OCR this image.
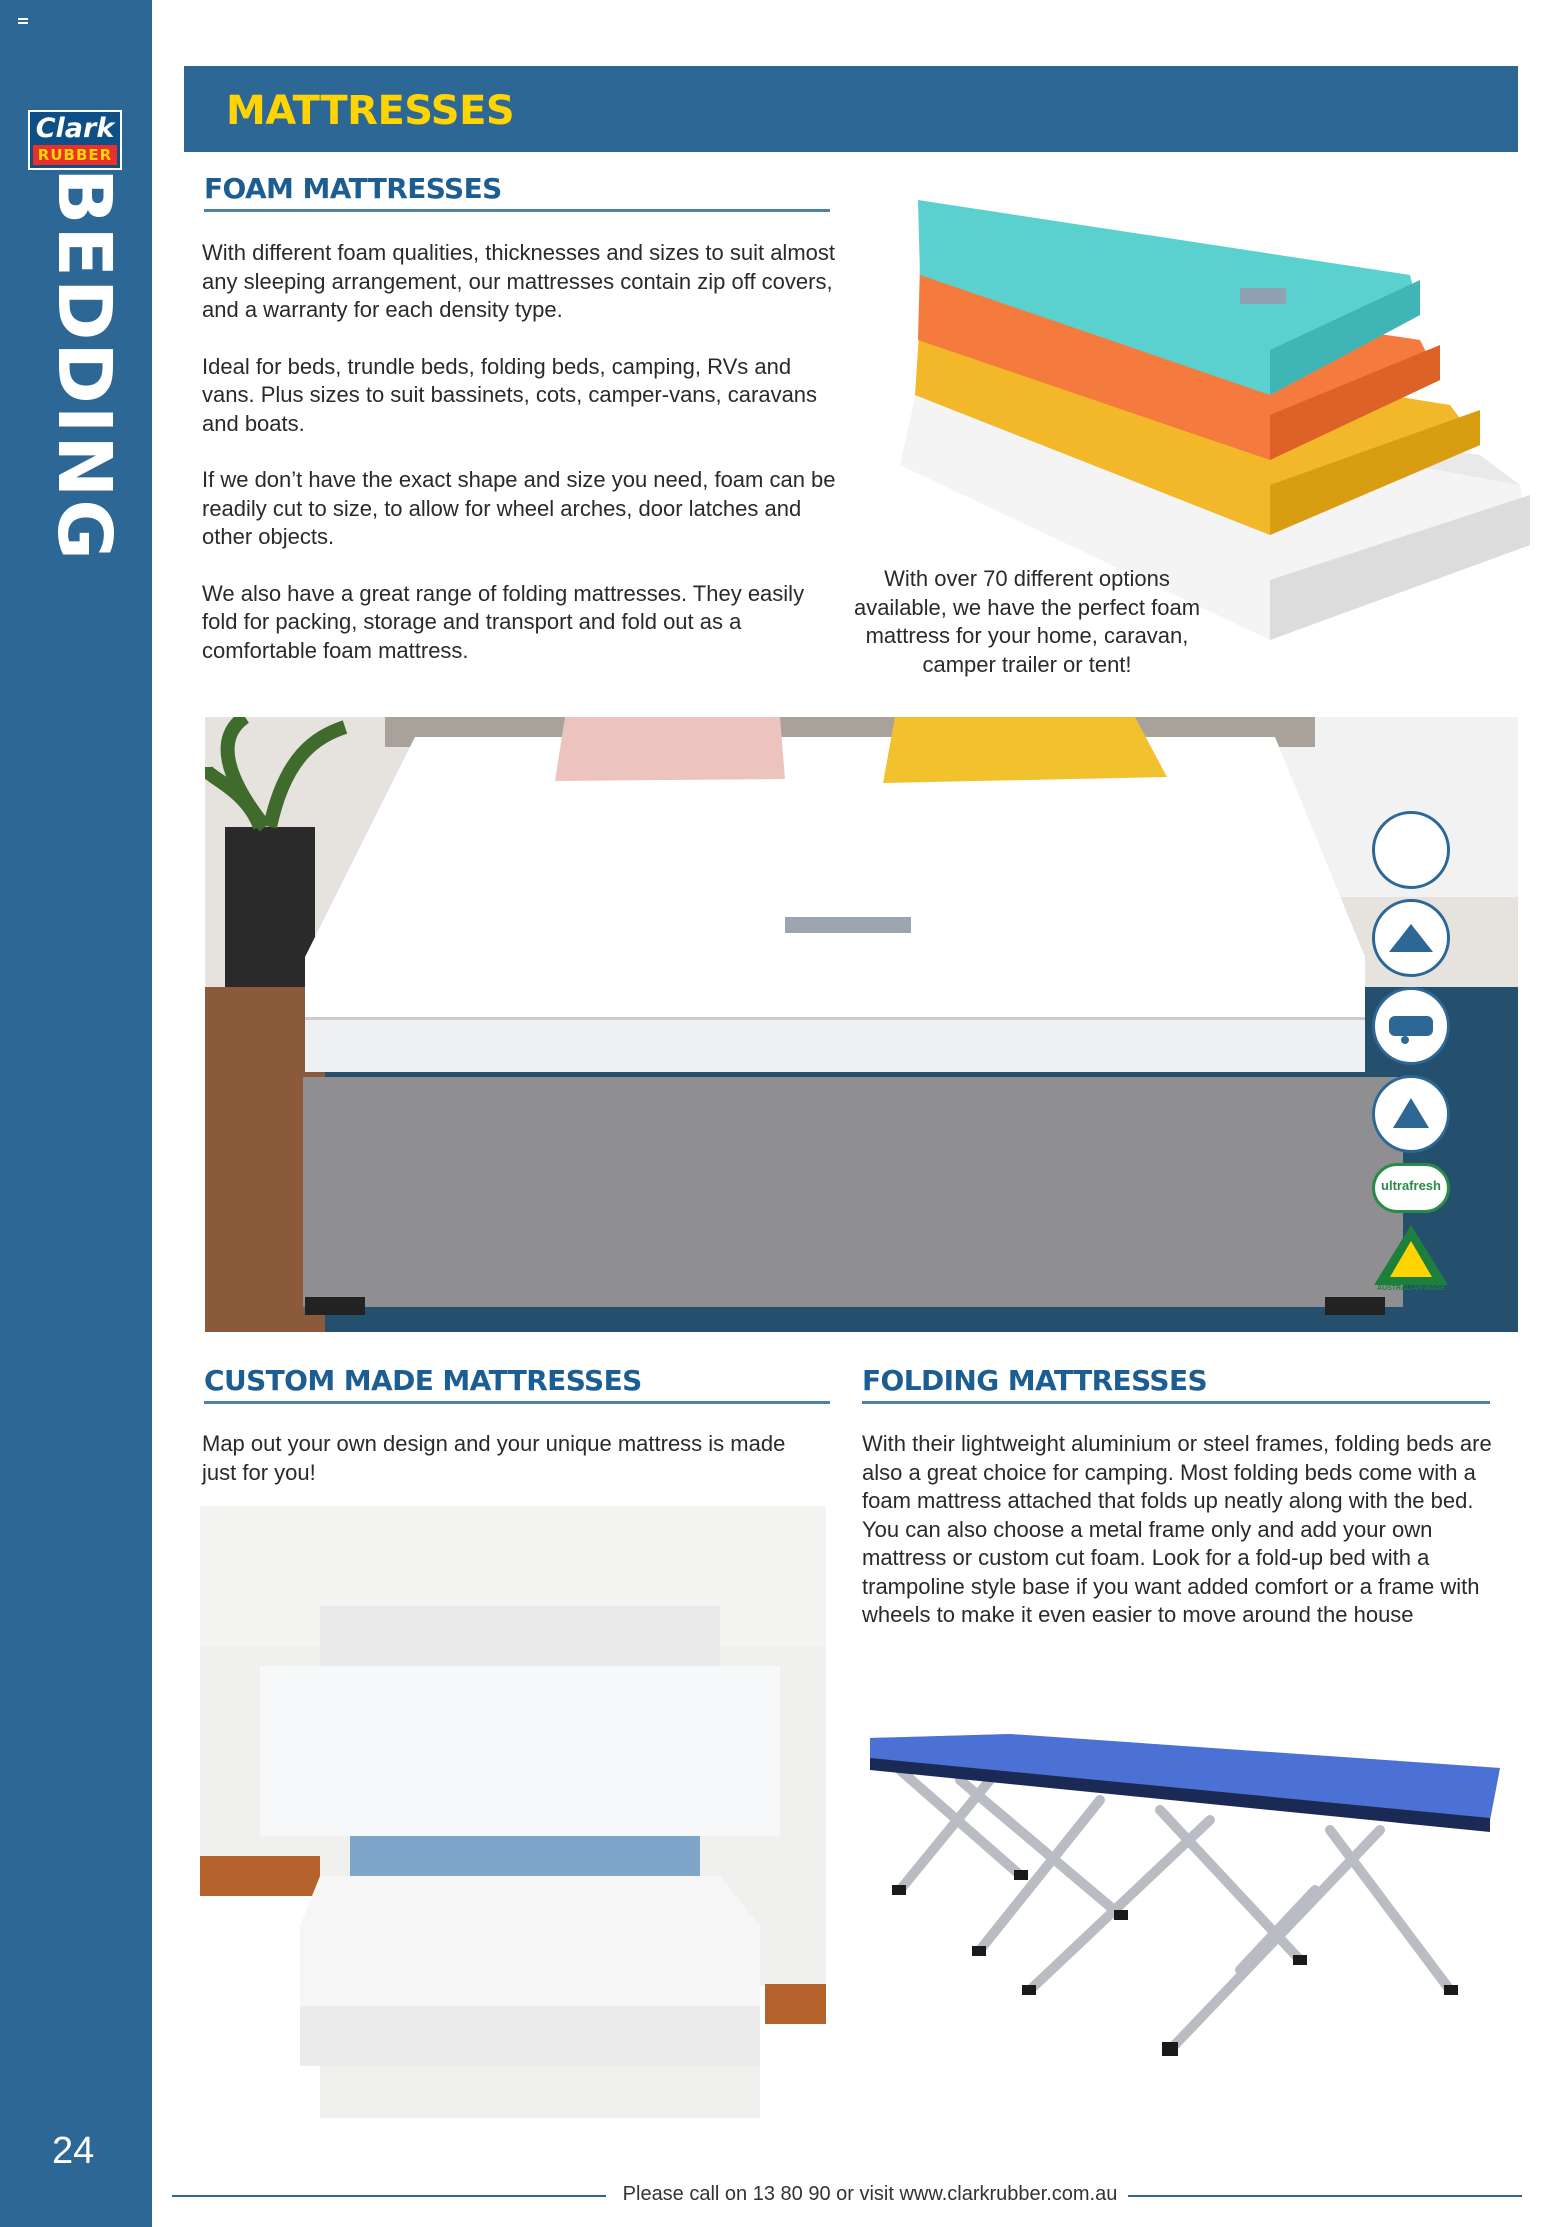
Clark
RUBBER
BEDDING
24
MATTRESSES
FOAM MATTRESSES

With different foam qualities, thicknesses and sizes to suit almost any sleeping arrangement, our mattresses contain zip off covers, and a warranty for each density type.

Ideal for beds, trundle beds, folding beds, camping, RVs and vans. Plus sizes to suit bassinets, cots, camper-vans, caravans and boats.

If we don’t have the exact shape and size you need, foam can be readily cut to size, to allow for wheel arches, door latches and other objects.

We also have a great range of folding mattresses. They easily fold for packing, storage and transport and fold out as a comfortable foam mattress.

With over 70 different options available, we have the perfect foam mattress for your home, caravan, camper trailer or tent!
ultrafresh
AUSTRALIAN MADE
CUSTOM MADE MATTRESSES
Map out your own design and your unique mattress is made just for you!
FOLDING MATTRESSES
With their lightweight aluminium or steel frames, folding beds are also a great choice for camping. Most folding beds come with a foam mattress attached that folds up neatly along with the bed. You can also choose a metal frame only and add your own mattress or custom cut foam. Look for a fold-up bed with a trampoline style base if you want added comfort or a frame with wheels to make it even easier to move around the house
Please call on 13 80 90 or visit www.clarkrubber.com.au
